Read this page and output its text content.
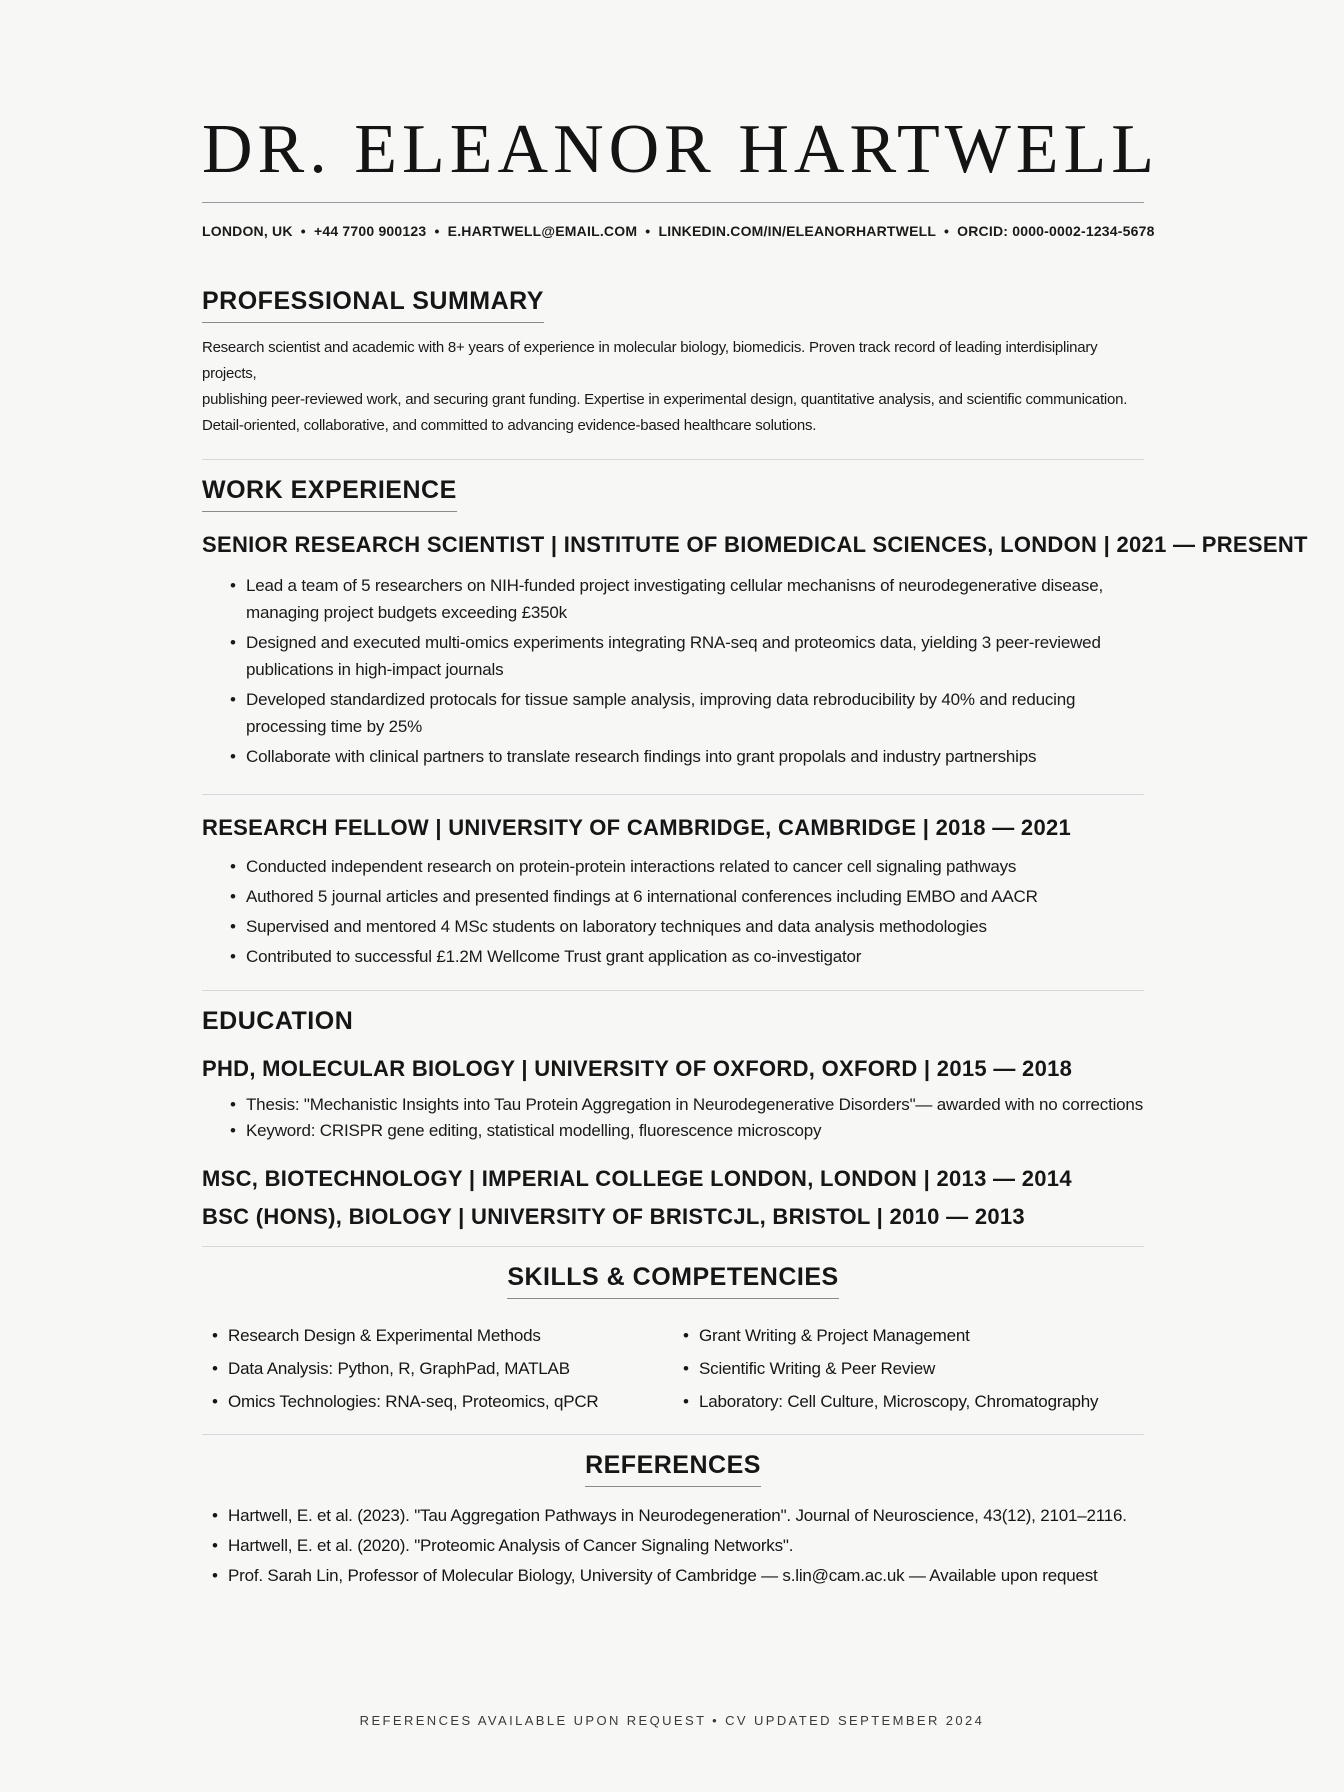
DR. ELEANOR HARTWELL
LONDON, UK • +44 7700 900123 • E.HARTWELL@EMAIL.COM • LINKEDIN.COM/IN/ELEANORHARTWELL • ORCID: 0000-0002-1234-5678
PROFESSIONAL SUMMARY
Research scientist and academic with 8+ years of experience in molecular biology, biomedicis. Proven track record of leading interdisiplinary projects,
publishing peer-reviewed work, and securing grant funding. Expertise in experimental design, quantitative analysis, and scientific communication.
Detail-oriented, collaborative, and committed to advancing evidence-based healthcare solutions.
WORK EXPERIENCE
SENIOR RESEARCH SCIENTIST | INSTITUTE OF BIOMEDICAL SCIENCES, LONDON | 2021 — PRESENT
• Lead a team of 5 researchers on NIH-funded project investigating cellular mechanisns of neurodegenerative disease, managing project budgets exceeding £350k
• Designed and executed multi-omics experiments integrating RNA-seq and proteomics data, yielding 3 peer-reviewed publications in high-impact journals
• Developed standardized protocals for tissue sample analysis, improving data rebroducibility by 40% and reducing processing time by 25%
• Collaborate with clinical partners to translate research findings into grant propolals and industry partnerships
RESEARCH FELLOW | UNIVERSITY OF CAMBRIDGE, CAMBRIDGE | 2018 — 2021
• Conducted independent research on protein-protein interactions related to cancer cell signaling pathways
• Authored 5 journal articles and presented findings at 6 international conferences including EMBO and AACR
• Supervised and mentored 4 MSc students on laboratory techniques and data analysis methodologies
• Contributed to successful £1.2M Wellcome Trust grant application as co-investigator
EDUCATION
PHD, MOLECULAR BIOLOGY | UNIVERSITY OF OXFORD, OXFORD | 2015 — 2018
• Thesis: "Mechanistic Insights into Tau Protein Aggregation in Neurodegenerative Disorders"— awarded with no corrections
• Keyword: CRISPR gene editing, statistical modelling, fluorescence microscopy
MSC, BIOTECHNOLOGY | IMPERIAL COLLEGE LONDON, LONDON | 2013 — 2014
BSC (HONS), BIOLOGY | UNIVERSITY OF BRISTCJL, BRISTOL | 2010 — 2013
SKILLS & COMPETENCIES
• Research Design & Experimental Methods
• Data Analysis: Python, R, GraphPad, MATLAB
• Omics Technologies: RNA-seq, Proteomics, qPCR
• Grant Writing & Project Management
• Scientific Writing & Peer Review
• Laboratory: Cell Culture, Microscopy, Chromatography
REFERENCES
• Hartwell, E. et al. (2023). "Tau Aggregation Pathways in Neurodegeneration". Journal of Neuroscience, 43(12), 2101–2116.
• Hartwell, E. et al. (2020). "Proteomic Analysis of Cancer Signaling Networks".
• Prof. Sarah Lin, Professor of Molecular Biology, University of Cambridge — s.lin@cam.ac.uk — Available upon request
REFERENCES AVAILABLE UPON REQUEST • CV UPDATED SEPTEMBER 2024
